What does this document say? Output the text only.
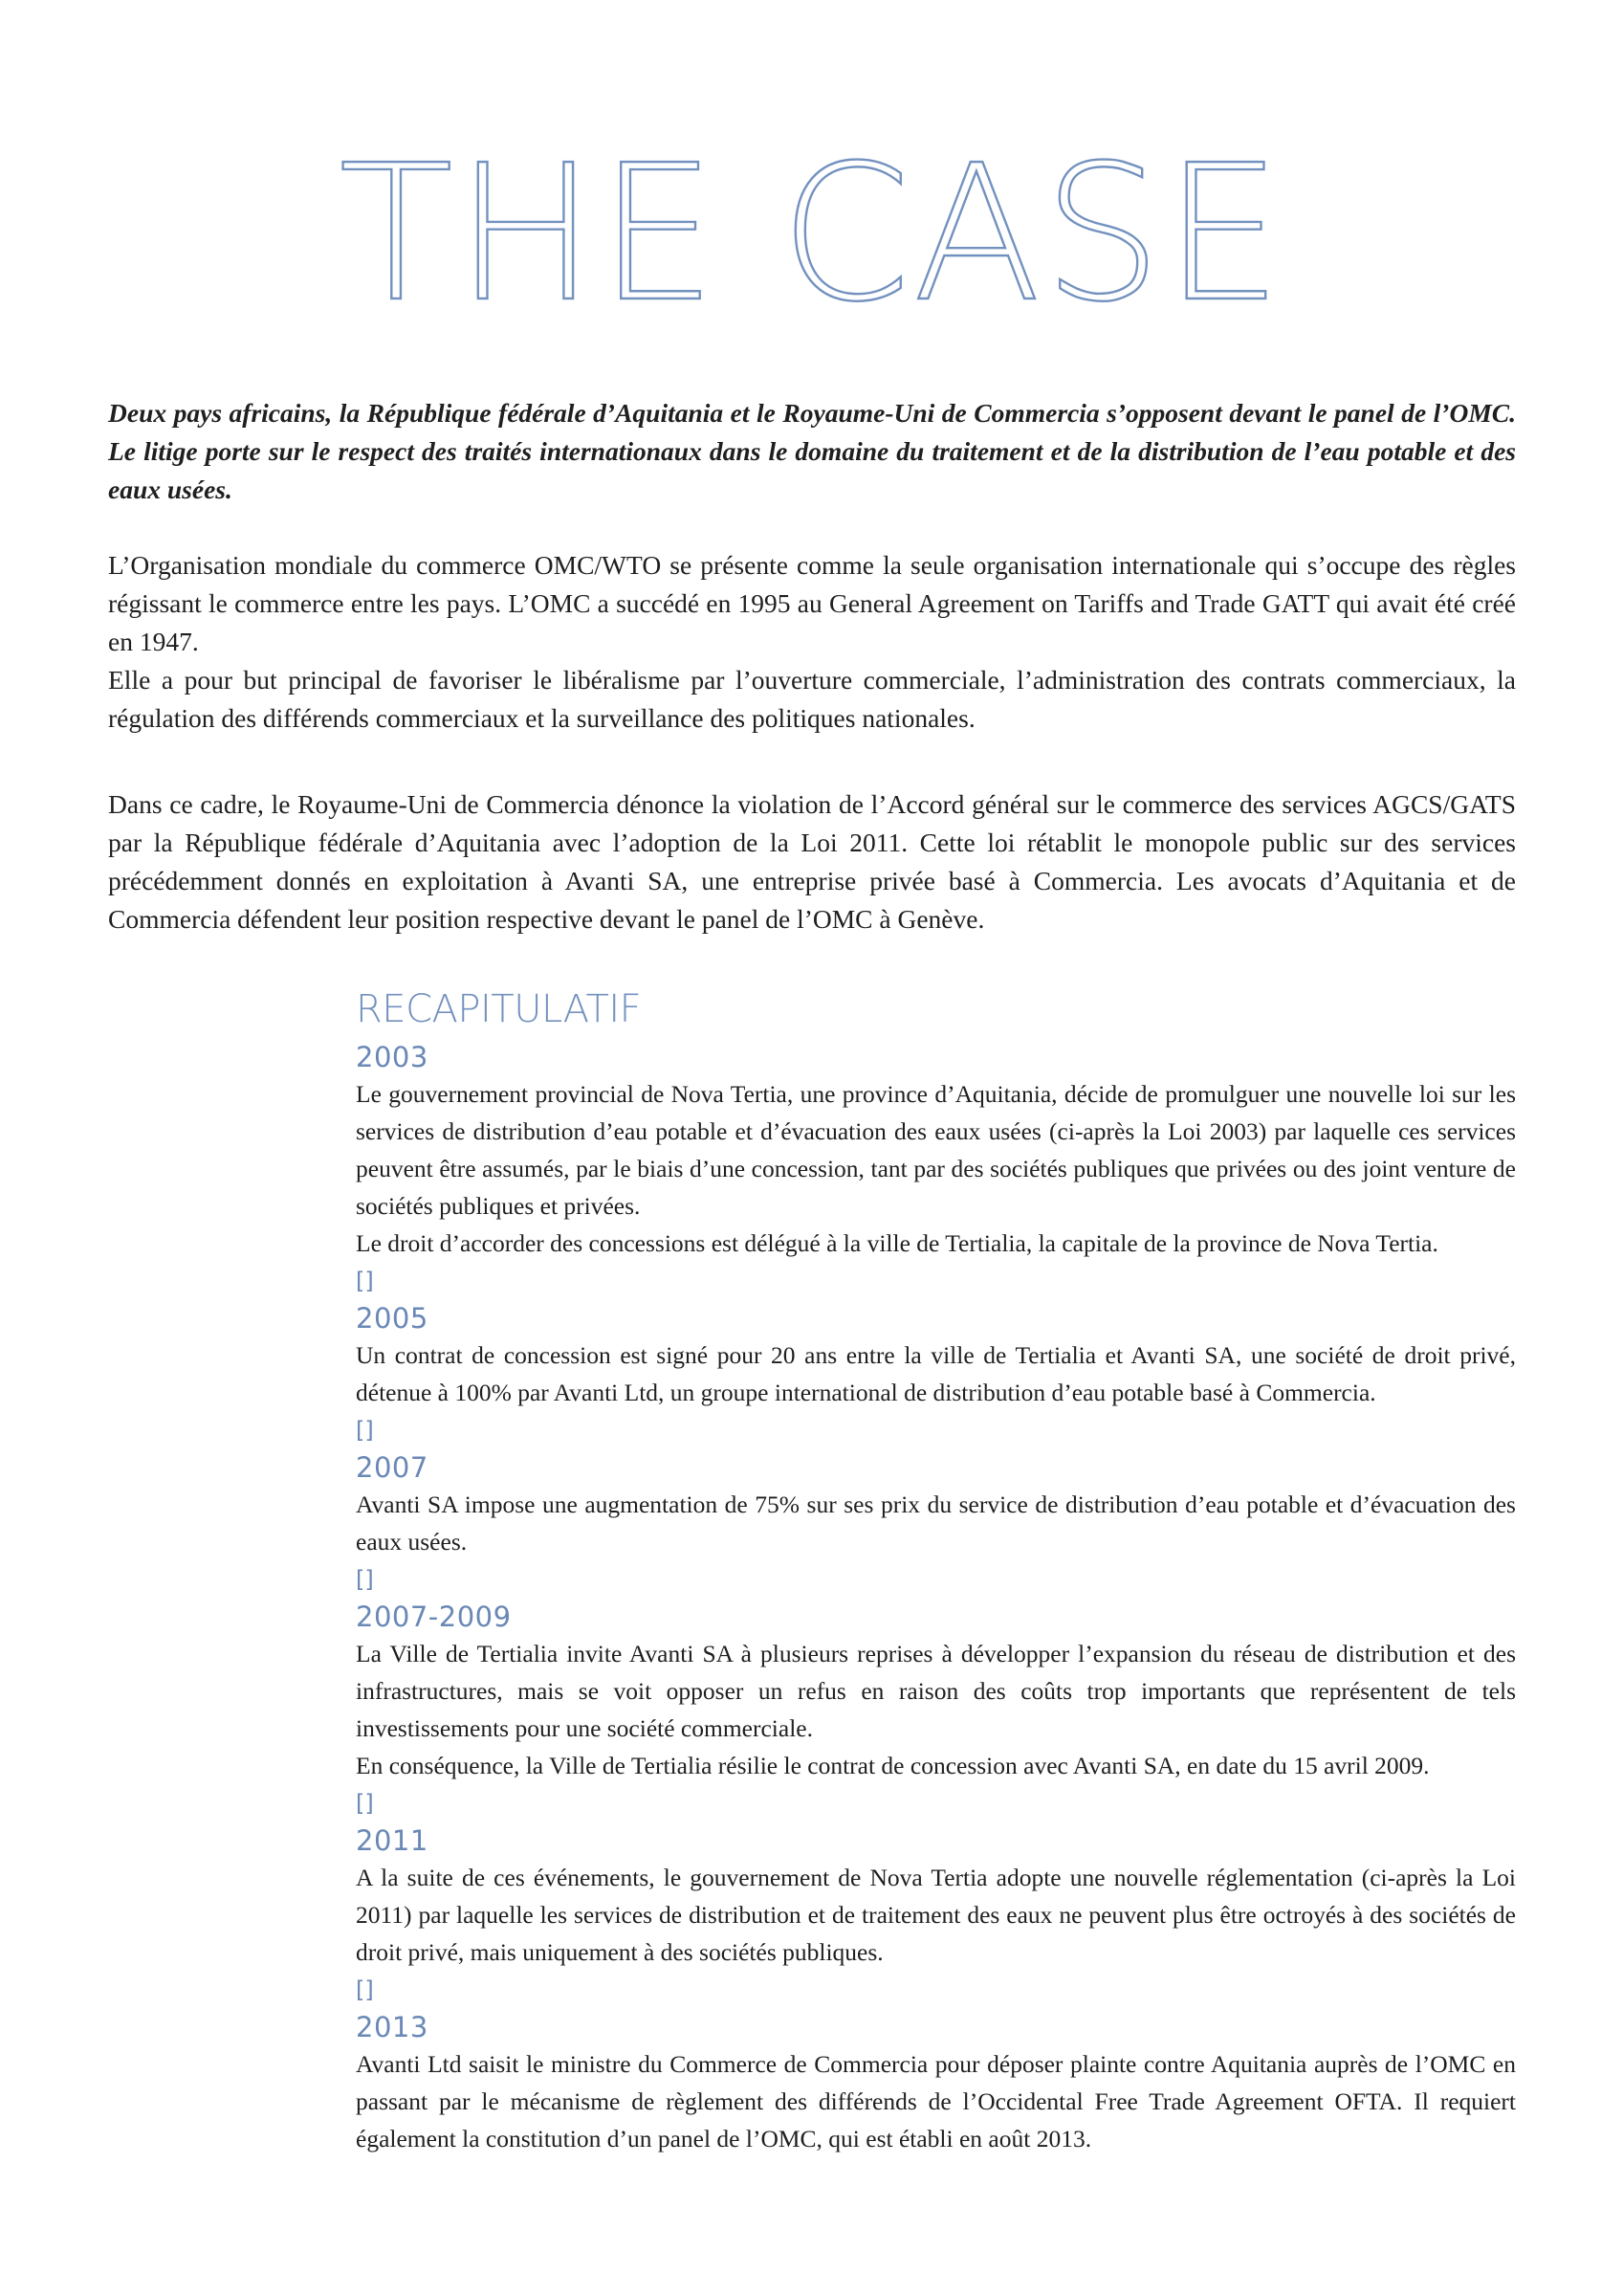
THE CASE

Deux pays africains, la République fédérale d’Aquitania et le Royaume-Uni de Commercia s’opposent devant le panel de l’OMC. Le litige porte sur le respect des traités internationaux dans le domaine du traitement et de la distribution de l’eau potable et des eaux usées.

L’Organisation mondiale du commerce OMC/WTO se présente comme la seule organisation internationale qui s’occupe des règles régissant le commerce entre les pays. L’OMC a succédé en 1995 au General Agreement on Tariffs and Trade GATT qui avait été créé en 1947.

Elle a pour but principal de favoriser le libéralisme par l’ouverture commerciale, l’administration des contrats commerciaux, la régulation des différends commerciaux et la surveillance des politiques nationales.

Dans ce cadre, le Royaume-Uni de Commercia dénonce la violation de l’Accord général sur le commerce des services AGCS/GATS par la République fédérale d’Aquitania avec l’adoption de la Loi 2011. Cette loi rétablit le monopole public sur des services précédemment donnés en exploitation à Avanti SA, une entreprise privée basé à Commercia. Les avocats d’Aquitania et de Commercia défendent leur position respective devant le panel de l’OMC à Genève.

RECAPITULATIF

2003

Le gouvernement provincial de Nova Tertia, une province d’Aquitania, décide de promulguer une nouvelle loi sur les services de distribution d’eau potable et d’évacuation des eaux usées (ci-après la Loi 2003) par laquelle ces services peuvent être assumés, par le biais d’une concession, tant par des sociétés publiques que privées ou des joint venture de sociétés publiques et privées.

Le droit d’accorder des concessions est délégué à la ville de Tertialia, la capitale de la province de Nova Tertia.

[]

2005

Un contrat de concession est signé pour 20 ans entre la ville de Tertialia et Avanti SA, une société de droit privé, détenue à 100% par Avanti Ltd, un groupe international de distribution d’eau potable basé à Commercia.

[]

2007

Avanti SA impose une augmentation de 75% sur ses prix du service de distribution d’eau potable et d’évacuation des eaux usées.

[]

2007-2009

La Ville de Tertialia invite Avanti SA à plusieurs reprises à développer l’expansion du réseau de distribution et des infrastructures, mais se voit opposer un refus en raison des coûts trop importants que représentent de tels investissements pour une société commerciale.

En conséquence, la Ville de Tertialia résilie le contrat de concession avec Avanti SA, en date du 15 avril 2009.

[]

2011

A la suite de ces événements, le gouvernement de Nova Tertia adopte une nouvelle réglementation (ci-après la Loi 2011) par laquelle les services de distribution et de traitement des eaux ne peuvent plus être octroyés à des sociétés de droit privé, mais uniquement à des sociétés publiques.

[]

2013

Avanti Ltd saisit le ministre du Commerce de Commercia pour déposer plainte contre Aquitania auprès de l’OMC en passant par le mécanisme de règlement des différends de l’Occidental Free Trade Agreement OFTA. Il requiert également la constitution d’un panel de l’OMC, qui est établi en août 2013.
